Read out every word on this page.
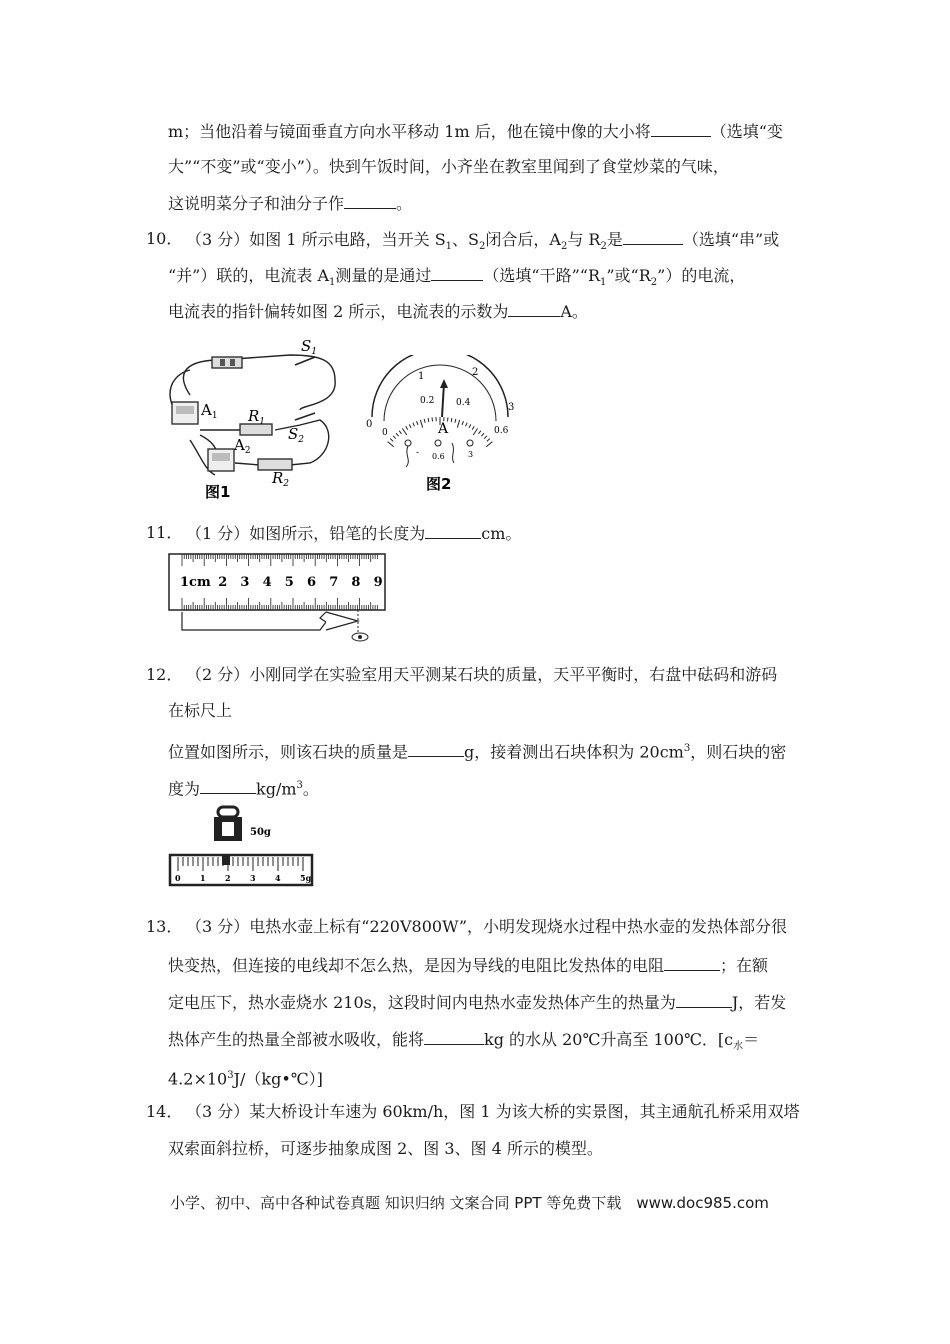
m；当他沿着与镜面垂直方向水平移动 1m 后，他在镜中像的大小将	（选填“变
大”“不变”或“变小”）。快到午饭时间，小齐坐在教室里闻到了食堂炒菜的气味，
这说明菜分子和油分子作	。
10． （3 分）如图 1 所示电路，当开关 $S_1$、$S_2$闭合后，$A_2$与 $R_2$是	（选填“串”或
“并”）联的，电流表 $A_1$测量的是通过	（选填“干路$”“R_1$”或“$R_2$”）的电流，
电流表的指针偏转如图 2 所示，电流表的示数为	A。
$S_1$
$S_2$
$A_1$
$A_2$
$R_1$
$R_2$
图1
0
1	2
3
0
0.2 0.4
0.6
A
- 0.6	3
图2
11． （1 分）如图所示，铅笔的长度为	cm。
2 3 4 5 6 7 8 9
1cm
12． （2 分）小刚同学在实验室用天平测某石块的质量，天平平衡时，右盘中砝码和游码
在标尺上
位置如图所示，则该石块的质量是	g，接着测出石块体积为 $20cm^3$，则石块的密
度为	$kg/m^3$。
50g
0 1 2 3 4 5g
13． （3 分）电热水壶上标有“220V800W”，小明发现烧水过程中热水壶的发热体部分很
快变热，但连接的电线却不怎么热，是因为导线的电阻比发热体的电阻	；在额
定电压下，热水壶烧水 210s，这段时间内电热水壶发热体产生的热量为	J，若发
热体产生的热量全部被水吸收，能将	kg 的水从 20℃升高至 100℃．[$c_水=$
$4.2\times 10^3J/(kg•℃)$]
14． （3 分）某大桥设计车速为 60km/h，图 1 为该大桥的实景图，其主通航孔桥采用双塔
双索面斜拉桥，可逐步抽象成图 2、图 3、图 4 所示的模型。
小学、初中、高中各种试卷真题 知识归纳 文案合同 PPT 等免费下载　www.doc985.com
